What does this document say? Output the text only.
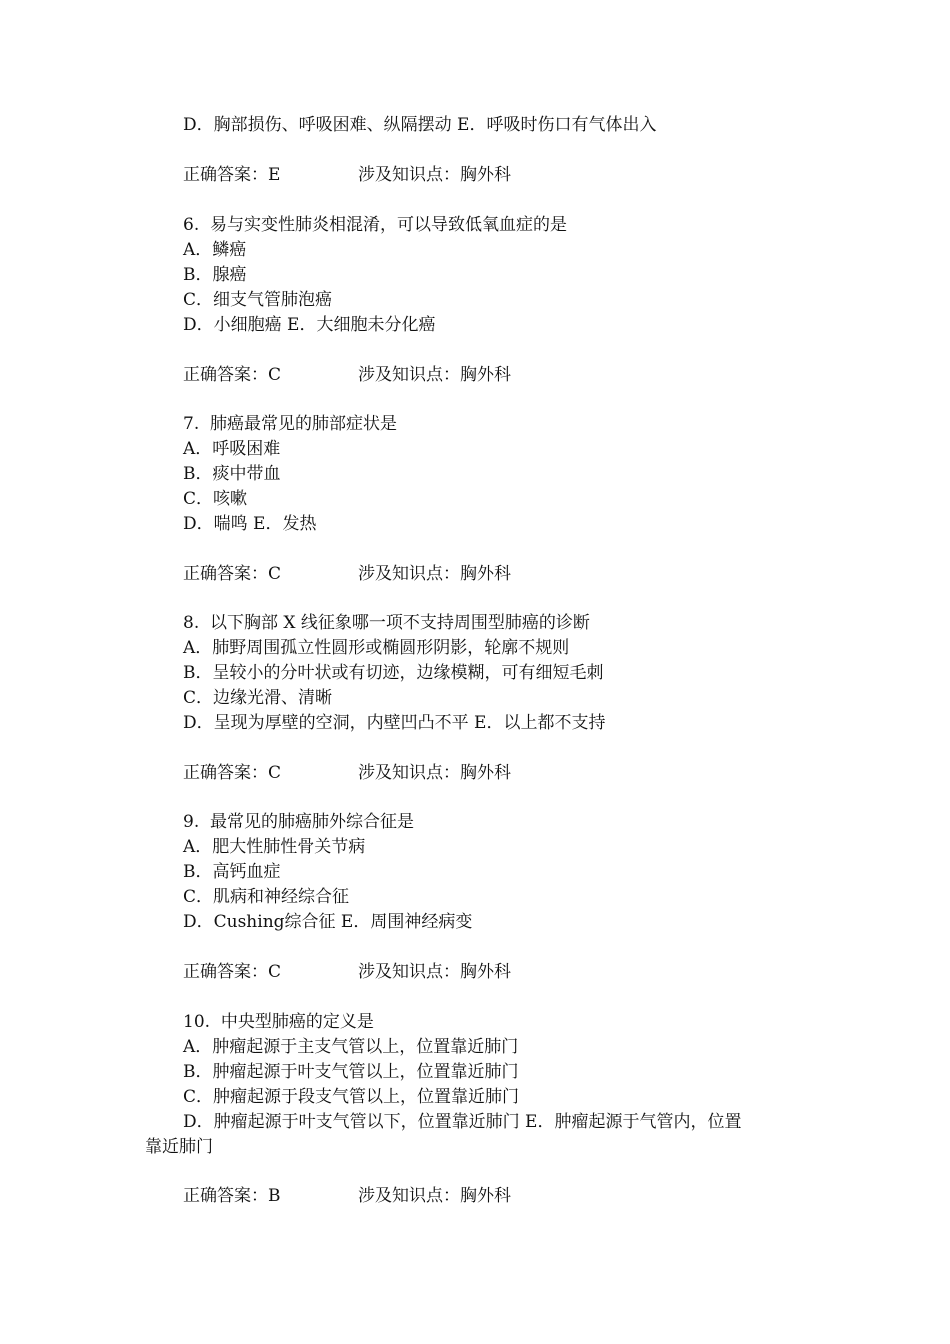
D．胸部损伤、呼吸困难、纵隔摆动 E．呼吸时伤口有气体出入
正确答案：E	涉及知识点：胸外科
6.  易与实变性肺炎相混淆，可以导致低氧血症的是
A．鳞癌
B．腺癌
C．细支气管肺泡癌
D．小细胞癌 E．大细胞未分化癌
正确答案：C	涉及知识点：胸外科
7.  肺癌最常见的肺部症状是
A．呼吸困难
B．痰中带血
C．咳嗽
D．喘鸣 E．发热
正确答案：C	涉及知识点：胸外科
8.  以下胸部 X 线征象哪一项不支持周围型肺癌的诊断
A．肺野周围孤立性圆形或椭圆形阴影，轮廓不规则
B．呈较小的分叶状或有切迹，边缘模糊，可有细短毛刺
C．边缘光滑、清晰
D．呈现为厚壁的空洞，内壁凹凸不平 E．以上都不支持
正确答案：C	涉及知识点：胸外科
9.  最常见的肺癌肺外综合征是
A．肥大性肺性骨关节病
B．高钙血症
C．肌病和神经综合征
D．Cushing综合征 E．周围神经病变
正确答案：C	涉及知识点：胸外科
10.  中央型肺癌的定义是
A．肿瘤起源于主支气管以上，位置靠近肺门
B．肿瘤起源于叶支气管以上，位置靠近肺门
C．肿瘤起源于段支气管以上，位置靠近肺门
D．肿瘤起源于叶支气管以下，位置靠近肺门 E．肿瘤起源于气管内，位置
靠近肺门
正确答案：B	涉及知识点：胸外科
